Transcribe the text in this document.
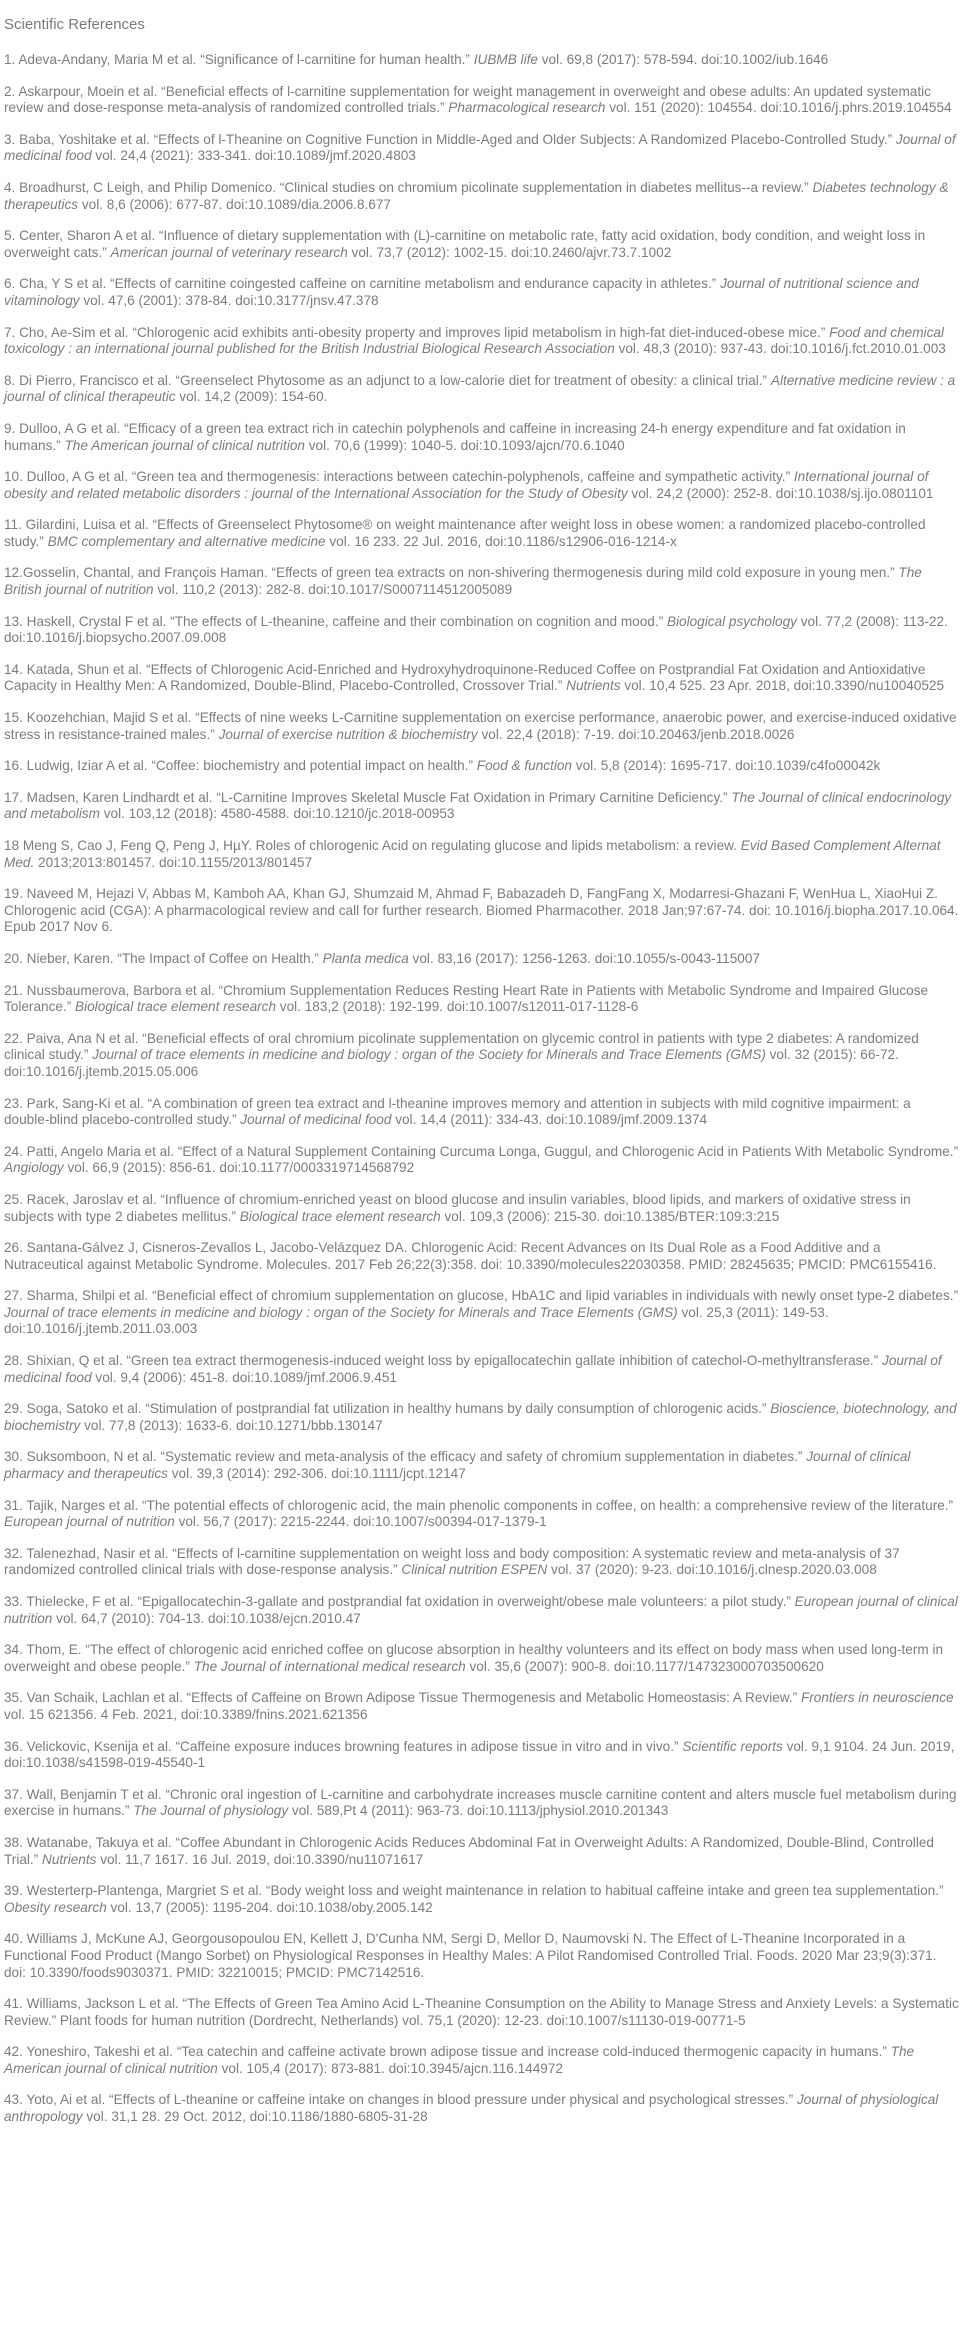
Scientific References

1. Adeva-Andany, Maria M et al. “Significance of l-carnitine for human health.” IUBMB life vol. 69,8 (2017): 578-594. doi:10.1002/iub.1646

2. Askarpour, Moein et al. “Beneficial effects of l-carnitine supplementation for weight management in overweight and obese adults: An updated systematic review and dose-response meta-analysis of randomized controlled trials.” Pharmacological research vol. 151 (2020): 104554. doi:10.1016/j.phrs.2019.104554

3. Baba, Yoshitake et al. “Effects of l-Theanine on Cognitive Function in Middle-Aged and Older Subjects: A Randomized Placebo-Controlled Study.” Journal of medicinal food vol. 24,4 (2021): 333-341. doi:10.1089/jmf.2020.4803

4. Broadhurst, C Leigh, and Philip Domenico. “Clinical studies on chromium picolinate supplementation in diabetes mellitus--a review.” Diabetes technology & therapeutics vol. 8,6 (2006): 677-87. doi:10.1089/dia.2006.8.677

5. Center, Sharon A et al. “Influence of dietary supplementation with (L)-carnitine on metabolic rate, fatty acid oxidation, body condition, and weight loss in overweight cats.” American journal of veterinary research vol. 73,7 (2012): 1002-15. doi:10.2460/ajvr.73.7.1002

6. Cha, Y S et al. “Effects of carnitine coingested caffeine on carnitine metabolism and endurance capacity in athletes.” Journal of nutritional science and vitaminology vol. 47,6 (2001): 378-84. doi:10.3177/jnsv.47.378

7. Cho, Ae-Sim et al. “Chlorogenic acid exhibits anti-obesity property and improves lipid metabolism in high-fat diet-induced-obese mice.” Food and chemical toxicology : an international journal published for the British Industrial Biological Research Association vol. 48,3 (2010): 937-43. doi:10.1016/j.fct.2010.01.003

8. Di Pierro, Francisco et al. “Greenselect Phytosome as an adjunct to a low-calorie diet for treatment of obesity: a clinical trial.” Alternative medicine review : a journal of clinical therapeutic vol. 14,2 (2009): 154-60.

9. Dulloo, A G et al. “Efficacy of a green tea extract rich in catechin polyphenols and caffeine in increasing 24-h energy expenditure and fat oxidation in humans.” The American journal of clinical nutrition vol. 70,6 (1999): 1040-5. doi:10.1093/ajcn/70.6.1040

10. Dulloo, A G et al. “Green tea and thermogenesis: interactions between catechin-polyphenols, caffeine and sympathetic activity.” International journal of obesity and related metabolic disorders : journal of the International Association for the Study of Obesity vol. 24,2 (2000): 252-8. doi:10.1038/sj.ijo.0801101

11. Gilardini, Luisa et al. “Effects of Greenselect Phytosome® on weight maintenance after weight loss in obese women: a randomized placebo-controlled study.” BMC complementary and alternative medicine vol. 16 233. 22 Jul. 2016, doi:10.1186/s12906-016-1214-x

12.Gosselin, Chantal, and François Haman. “Effects of green tea extracts on non-shivering thermogenesis during mild cold exposure in young men.” The British journal of nutrition vol. 110,2 (2013): 282-8. doi:10.1017/S0007114512005089

13. Haskell, Crystal F et al. “The effects of L-theanine, caffeine and their combination on cognition and mood.” Biological psychology vol. 77,2 (2008): 113-22. doi:10.1016/j.biopsycho.2007.09.008

14. Katada, Shun et al. “Effects of Chlorogenic Acid-Enriched and Hydroxyhydroquinone-Reduced Coffee on Postprandial Fat Oxidation and Antioxidative Capacity in Healthy Men: A Randomized, Double-Blind, Placebo-Controlled, Crossover Trial.” Nutrients vol. 10,4 525. 23 Apr. 2018, doi:10.3390/nu10040525

15. Koozehchian, Majid S et al. “Effects of nine weeks L-Carnitine supplementation on exercise performance, anaerobic power, and exercise-induced oxidative stress in resistance-trained males.” Journal of exercise nutrition & biochemistry vol. 22,4 (2018): 7-19. doi:10.20463/jenb.2018.0026

16. Ludwig, Iziar A et al. “Coffee: biochemistry and potential impact on health.” Food & function vol. 5,8 (2014): 1695-717. doi:10.1039/c4fo00042k

17. Madsen, Karen Lindhardt et al. “L-Carnitine Improves Skeletal Muscle Fat Oxidation in Primary Carnitine Deficiency.” The Journal of clinical endocrinology and metabolism vol. 103,12 (2018): 4580-4588. doi:10.1210/jc.2018-00953

18 Meng S, Cao J, Feng Q, Peng J, HµY. Roles of chlorogenic Acid on regulating glucose and lipids metabolism: a review. Evid Based Complement Alternat Med. 2013;2013:801457. doi:10.1155/2013/801457

19. Naveed M, Hejazi V, Abbas M, Kamboh AA, Khan GJ, Shumzaid M, Ahmad F, Babazadeh D, FangFang X, Modarresi-Ghazani F, WenHua L, XiaoHui Z. Chlorogenic acid (CGA): A pharmacological review and call for further research. Biomed Pharmacother. 2018 Jan;97:67-74. doi: 10.1016/j.biopha.2017.10.064. Epub 2017 Nov 6.

20. Nieber, Karen. “The Impact of Coffee on Health.” Planta medica vol. 83,16 (2017): 1256-1263. doi:10.1055/s-0043-115007

21. Nussbaumerova, Barbora et al. “Chromium Supplementation Reduces Resting Heart Rate in Patients with Metabolic Syndrome and Impaired Glucose Tolerance.” Biological trace element research vol. 183,2 (2018): 192-199. doi:10.1007/s12011-017-1128-6

22. Paiva, Ana N et al. “Beneficial effects of oral chromium picolinate supplementation on glycemic control in patients with type 2 diabetes: A randomized clinical study.” Journal of trace elements in medicine and biology : organ of the Society for Minerals and Trace Elements (GMS) vol. 32 (2015): 66-72. doi:10.1016/j.jtemb.2015.05.006

23. Park, Sang-Ki et al. “A combination of green tea extract and l-theanine improves memory and attention in subjects with mild cognitive impairment: a double-blind placebo-controlled study.” Journal of medicinal food vol. 14,4 (2011): 334-43. doi:10.1089/jmf.2009.1374

24. Patti, Angelo Maria et al. “Effect of a Natural Supplement Containing Curcuma Longa, Guggul, and Chlorogenic Acid in Patients With Metabolic Syndrome.” Angiology vol. 66,9 (2015): 856-61. doi:10.1177/0003319714568792

25. Racek, Jaroslav et al. “Influence of chromium-enriched yeast on blood glucose and insulin variables, blood lipids, and markers of oxidative stress in subjects with type 2 diabetes mellitus.” Biological trace element research vol. 109,3 (2006): 215-30. doi:10.1385/BTER:109:3:215

26. Santana-Gálvez J, Cisneros-Zevallos L, Jacobo-Velázquez DA. Chlorogenic Acid: Recent Advances on Its Dual Role as a Food Additive and a Nutraceutical against Metabolic Syndrome. Molecules. 2017 Feb 26;22(3):358. doi: 10.3390/molecules22030358. PMID: 28245635; PMCID: PMC6155416.

27. Sharma, Shilpi et al. “Beneficial effect of chromium supplementation on glucose, HbA1C and lipid variables in individuals with newly onset type-2 diabetes.” Journal of trace elements in medicine and biology : organ of the Society for Minerals and Trace Elements (GMS) vol. 25,3 (2011): 149-53. doi:10.1016/j.jtemb.2011.03.003

28. Shixian, Q et al. “Green tea extract thermogenesis-induced weight loss by epigallocatechin gallate inhibition of catechol-O-methyltransferase.” Journal of medicinal food vol. 9,4 (2006): 451-8. doi:10.1089/jmf.2006.9.451

29. Soga, Satoko et al. “Stimulation of postprandial fat utilization in healthy humans by daily consumption of chlorogenic acids.” Bioscience, biotechnology, and biochemistry vol. 77,8 (2013): 1633-6. doi:10.1271/bbb.130147

30. Suksomboon, N et al. “Systematic review and meta-analysis of the efficacy and safety of chromium supplementation in diabetes.” Journal of clinical pharmacy and therapeutics vol. 39,3 (2014): 292-306. doi:10.1111/jcpt.12147

31. Tajik, Narges et al. “The potential effects of chlorogenic acid, the main phenolic components in coffee, on health: a comprehensive review of the literature.” European journal of nutrition vol. 56,7 (2017): 2215-2244. doi:10.1007/s00394-017-1379-1

32. Talenezhad, Nasir et al. “Effects of l-carnitine supplementation on weight loss and body composition: A systematic review and meta-analysis of 37 randomized controlled clinical trials with dose-response analysis.” Clinical nutrition ESPEN vol. 37 (2020): 9-23. doi:10.1016/j.clnesp.2020.03.008

33. Thielecke, F et al. “Epigallocatechin-3-gallate and postprandial fat oxidation in overweight/obese male volunteers: a pilot study.” European journal of clinical nutrition vol. 64,7 (2010): 704-13. doi:10.1038/ejcn.2010.47

34. Thom, E. “The effect of chlorogenic acid enriched coffee on glucose absorption in healthy volunteers and its effect on body mass when used long-term in overweight and obese people.” The Journal of international medical research vol. 35,6 (2007): 900-8. doi:10.1177/147323000703500620

35. Van Schaik, Lachlan et al. “Effects of Caffeine on Brown Adipose Tissue Thermogenesis and Metabolic Homeostasis: A Review.” Frontiers in neuroscience vol. 15 621356. 4 Feb. 2021, doi:10.3389/fnins.2021.621356

36. Velickovic, Ksenija et al. “Caffeine exposure induces browning features in adipose tissue in vitro and in vivo.” Scientific reports vol. 9,1 9104. 24 Jun. 2019, doi:10.1038/s41598-019-45540-1

37. Wall, Benjamin T et al. “Chronic oral ingestion of L-carnitine and carbohydrate increases muscle carnitine content and alters muscle fuel metabolism during exercise in humans.” The Journal of physiology vol. 589,Pt 4 (2011): 963-73. doi:10.1113/jphysiol.2010.201343

38. Watanabe, Takuya et al. “Coffee Abundant in Chlorogenic Acids Reduces Abdominal Fat in Overweight Adults: A Randomized, Double-Blind, Controlled Trial.” Nutrients vol. 11,7 1617. 16 Jul. 2019, doi:10.3390/nu11071617

39. Westerterp-Plantenga, Margriet S et al. “Body weight loss and weight maintenance in relation to habitual caffeine intake and green tea supplementation.” Obesity research vol. 13,7 (2005): 1195-204. doi:10.1038/oby.2005.142

40. Williams J, McKune AJ, Georgousopoulou EN, Kellett J, D'Cunha NM, Sergi D, Mellor D, Naumovski N. The Effect of L-Theanine Incorporated in a Functional Food Product (Mango Sorbet) on Physiological Responses in Healthy Males: A Pilot Randomised Controlled Trial. Foods. 2020 Mar 23;9(3):371. doi: 10.3390/foods9030371. PMID: 32210015; PMCID: PMC7142516.

41. Williams, Jackson L et al. “The Effects of Green Tea Amino Acid L-Theanine Consumption on the Ability to Manage Stress and Anxiety Levels: a Systematic Review.” Plant foods for human nutrition (Dordrecht, Netherlands) vol. 75,1 (2020): 12-23. doi:10.1007/s11130-019-00771-5

42. Yoneshiro, Takeshi et al. “Tea catechin and caffeine activate brown adipose tissue and increase cold-induced thermogenic capacity in humans.” The American journal of clinical nutrition vol. 105,4 (2017): 873-881. doi:10.3945/ajcn.116.144972

43. Yoto, Ai et al. “Effects of L-theanine or caffeine intake on changes in blood pressure under physical and psychological stresses.” Journal of physiological anthropology vol. 31,1 28. 29 Oct. 2012, doi:10.1186/1880-6805-31-28
